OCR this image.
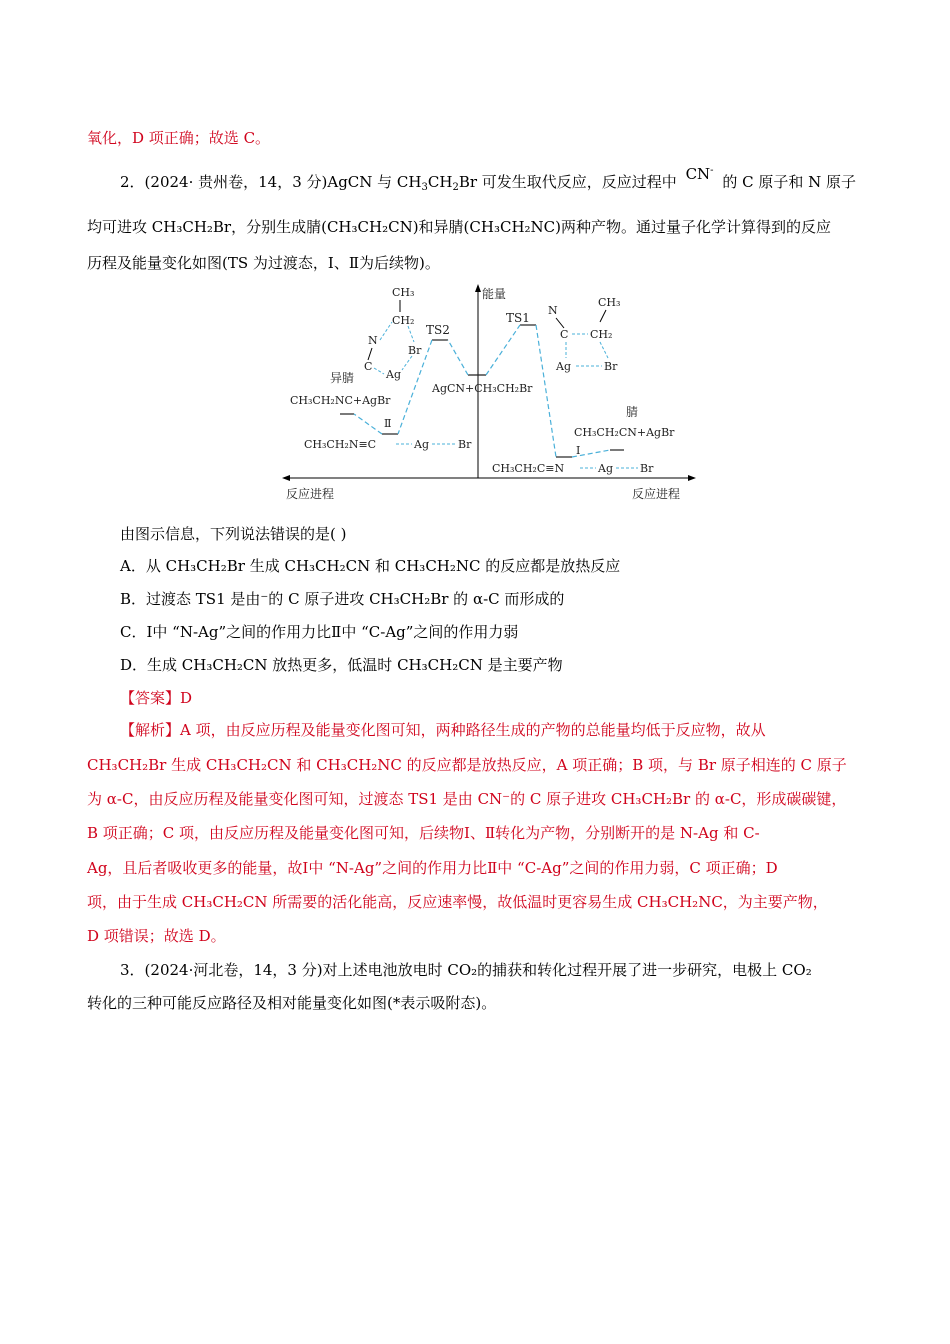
氧化，D 项正确；故选 C。
2．(2024· 贵州卷，14，3 分)AgCN 与 $CH_3CH_2Br$ 可发生取代反应，反应过程中 CN- 的 C 原子和 N 原子
均可进攻 CH₃CH₂Br，分别生成腈(CH₃CH₂CN)和异腈(CH₃CH₂NC)两种产物。通过量子化学计算得到的反应
历程及能量变化如图(TS 为过渡态，Ⅰ、Ⅱ为后续物)。
能量
反应进程	反应进程
TS1
TS2
AgCN+CH₃CH₂Br
CH₃
CH₂
N
C
Br
Ag
N
C
CH₃
CH₂
Ag	Br
异腈
CH₃CH₂NC+AgBr
Ⅱ
CH₃CH₂N≡C	Ag	Br
腈
CH₃CH₂CN+AgBr
Ⅰ
CH₃CH₂C≡N	Ag Br
由图示信息，下列说法错误的是( )
A．从 CH₃CH₂Br 生成 CH₃CH₂CN 和 CH₃CH₂NC 的反应都是放热反应
B．过渡态 TS1 是由⁻的 C 原子进攻 CH₃CH₂Br 的 α-C 而形成的
C．Ⅰ中 “N-Ag”之间的作用力比Ⅱ中 “C-Ag”之间的作用力弱
D．生成 CH₃CH₂CN 放热更多，低温时 CH₃CH₂CN 是主要产物
【答案】D
【解析】A 项，由反应历程及能量变化图可知，两种路径生成的产物的总能量均低于反应物，故从
CH₃CH₂Br 生成 CH₃CH₂CN 和 CH₃CH₂NC 的反应都是放热反应，A 项正确；B 项，与 Br 原子相连的 C 原子
为 α-C，由反应历程及能量变化图可知，过渡态 TS1 是由 CN⁻的 C 原子进攻 CH₃CH₂Br 的 α-C，形成碳碳键，
B 项正确；C 项，由反应历程及能量变化图可知，后续物Ⅰ、Ⅱ转化为产物，分别断开的是 N-Ag 和 C-
Ag，且后者吸收更多的能量，故Ⅰ中 “N-Ag”之间的作用力比Ⅱ中 “C-Ag”之间的作用力弱，C 项正确；D
项，由于生成 CH₃CH₂CN 所需要的活化能高，反应速率慢，故低温时更容易生成 CH₃CH₂NC，为主要产物，
D 项错误；故选 D。
3．(2024·河北卷，14，3 分)对上述电池放电时 CO₂的捕获和转化过程开展了进一步研究，电极上 CO₂
转化的三种可能反应路径及相对能量变化如图(*表示吸附态)。
